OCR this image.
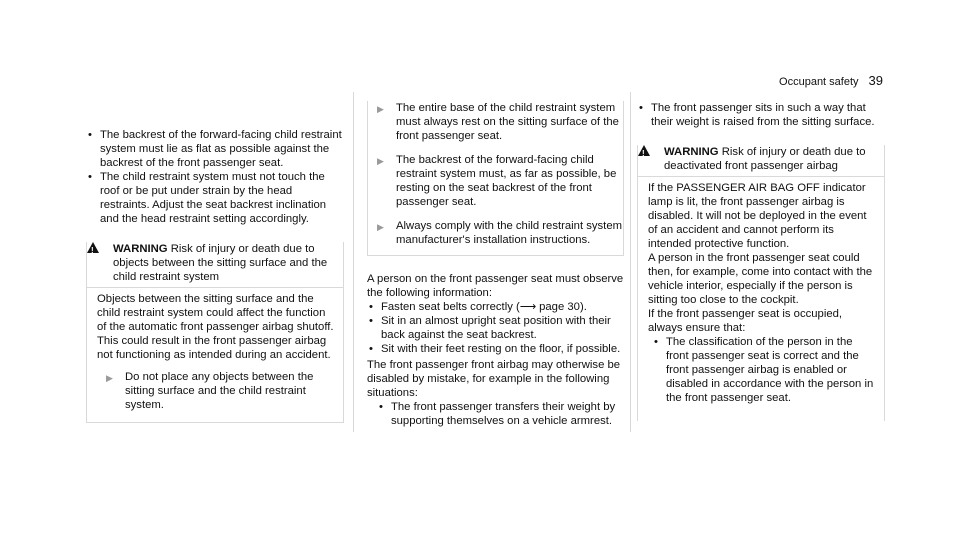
Occupant safety 39
• The backrest of the forward-facing child restraint system must lie as flat as possible against the backrest of the front passenger seat.
• The child restraint system must not touch the roof or be put under strain by the head restraints. Adjust the seat backrest inclination and the head restraint setting accordingly.
!
WARNING Risk of injury or death due to objects between the sitting surface and the child restraint system
Objects between the sitting surface and the child restraint system could affect the function of the automatic front passenger airbag shutoff.
This could result in the front passenger airbag not functioning as intended during an accident.
▶ Do not place any objects between the sitting surface and the child restraint system.
▶ The entire base of the child restraint system must always rest on the sitting surface of the front passenger seat.
▶ The backrest of the forward-facing child restraint system must, as far as possible, be resting on the seat backrest of the front passenger seat.
▶ Always comply with the child restraint system manufacturer's installation instructions.
A person on the front passenger seat must observe the following information:
• Fasten seat belts correctly (⟶ page 30).
• Sit in an almost upright seat position with their back against the seat backrest.
• Sit with their feet resting on the floor, if possible.
The front passenger front airbag may otherwise be disabled by mistake, for example in the following situations:
• The front passenger transfers their weight by supporting themselves on a vehicle armrest.
• The front passenger sits in such a way that their weight is raised from the sitting surface.
!
WARNING Risk of injury or death due to deactivated front passenger airbag
If the PASSENGER AIR BAG OFF indicator lamp is lit, the front passenger airbag is disabled. It will not be deployed in the event of an accident and cannot perform its intended protective function.
A person in the front passenger seat could then, for example, come into contact with the vehicle interior, especially if the person is sitting too close to the cockpit.
If the front passenger seat is occupied, always ensure that:
• The classification of the person in the front passenger seat is correct and the front passenger airbag is enabled or disabled in accordance with the person in the front passenger seat.
